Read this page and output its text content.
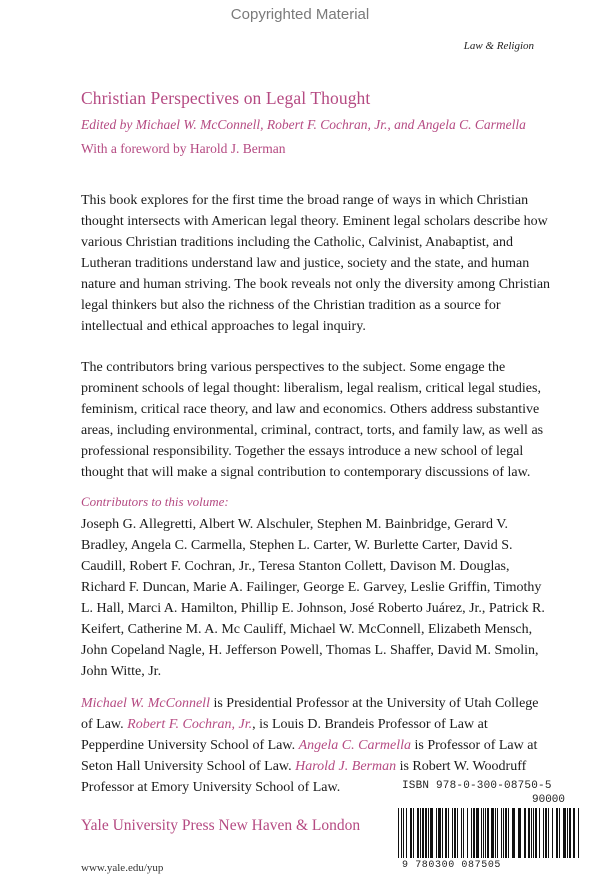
Copyrighted Material
Law & Religion
Christian Perspectives on Legal Thought
Edited by Michael W. McConnell, Robert F. Cochran, Jr., and Angela C. Carmella
With a foreword by Harold J. Berman

This book explores for the first time the broad range of ways in which Christian thought intersects with American legal theory. Eminent legal scholars describe how various Christian traditions including the Catholic, Calvinist, Anabaptist, and Lutheran traditions understand law and justice, society and the state, and human nature and human striving. The book reveals not only the diversity among Christian legal thinkers but also the richness of the Christian tradition as a source for intellectual and ethical approaches to legal inquiry.

The contributors bring various perspectives to the subject. Some engage the prominent schools of legal thought: liberalism, legal realism, critical legal studies, feminism, critical race theory, and law and economics. Others address substantive areas, including environmental, criminal, contract, torts, and family law, as well as professional responsibility. Together the essays introduce a new school of legal thought that will make a signal contribution to contemporary discussions of law.

Contributors to this volume:

Joseph G. Allegretti, Albert W. Alschuler, Stephen M. Bainbridge, Gerard V. Bradley, Angela C. Carmella, Stephen L. Carter, W. Burlette Carter, David S. Caudill, Robert F. Cochran, Jr., Teresa Stanton Collett, Davison M. Douglas, Richard F. Duncan, Marie A. Failinger, George E. Garvey, Leslie Griffin, Timothy L. Hall, Marci A. Hamilton, Phillip E. Johnson, José Roberto Juárez, Jr., Patrick R. Keifert, Catherine M. A. Mc Cauliff, Michael W. McConnell, Elizabeth Mensch, John Copeland Nagle, H. Jefferson Powell, Thomas L. Shaffer, David M. Smolin, John Witte, Jr.

Michael W. McConnell is Presidential Professor at the University of Utah College of Law. Robert F. Cochran, Jr., is Louis D. Brandeis Professor of Law at Pepperdine University School of Law. Angela C. Carmella is Professor of Law at Seton Hall University School of Law. Harold J. Berman is Robert W. Woodruff Professor at Emory University School of Law.	ISBN 978-0-300-08750-5
90000
9 780300 087505
Yale University Press New Haven & London
www.yale.edu/yup
